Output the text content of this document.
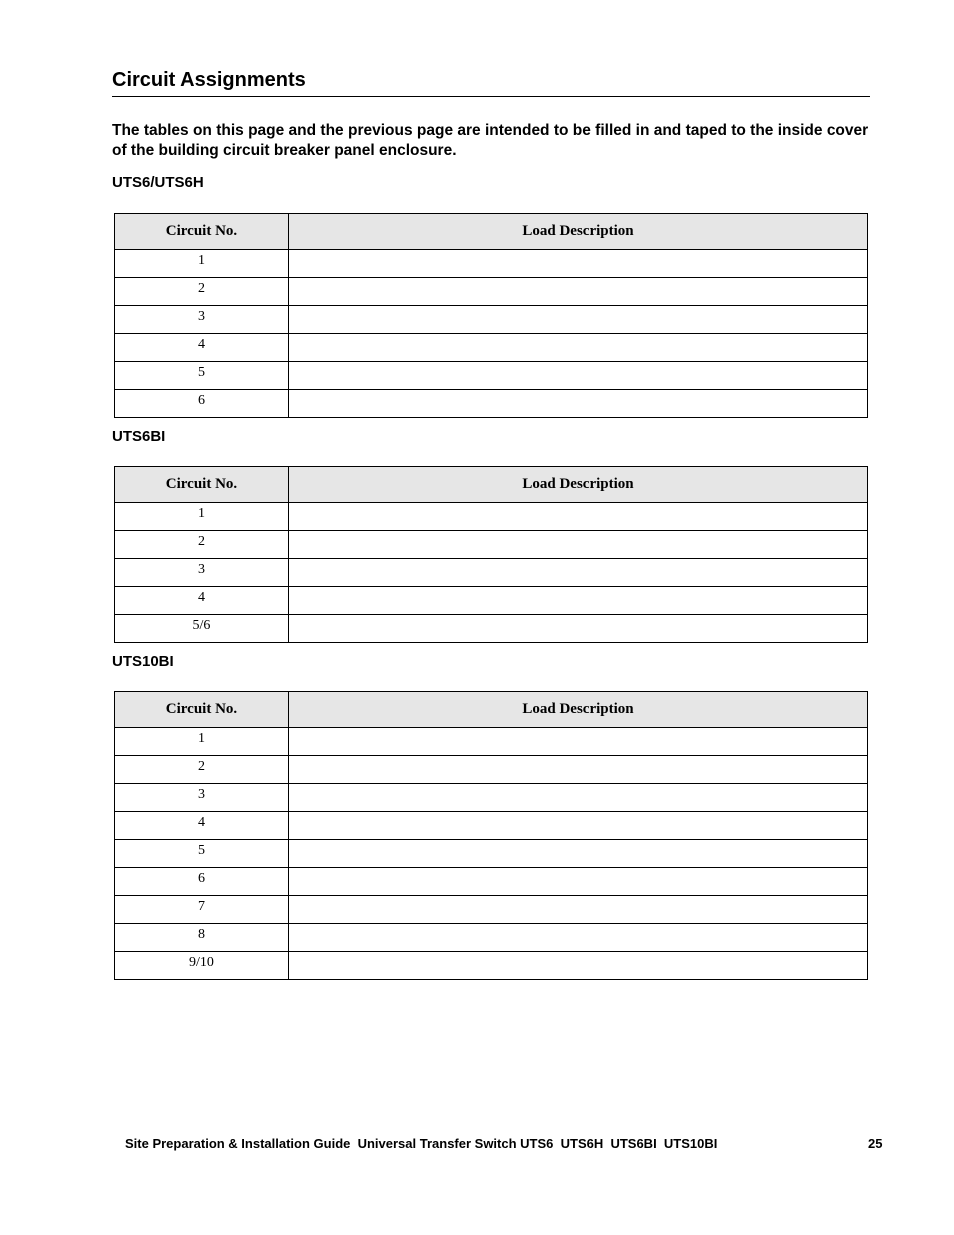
Circuit Assignments
The tables on this page and the previous page are intended to be filled in and taped to the inside cover of the building circuit breaker panel enclosure.
UTS6/UTS6H
Circuit No.	Load Description
1	
2	
3	
4	
5	
6	
UTS6BI
Circuit No.	Load Description
1	
2	
3	
4	
5/6	
UTS10BI
Circuit No.	Load Description
1	
2	
3	
4	
5	
6	
7	
8	
9/10	
Site Preparation & Installation Guide  Universal Transfer Switch UTS6  UTS6H  UTS6BI  UTS10BI	25
